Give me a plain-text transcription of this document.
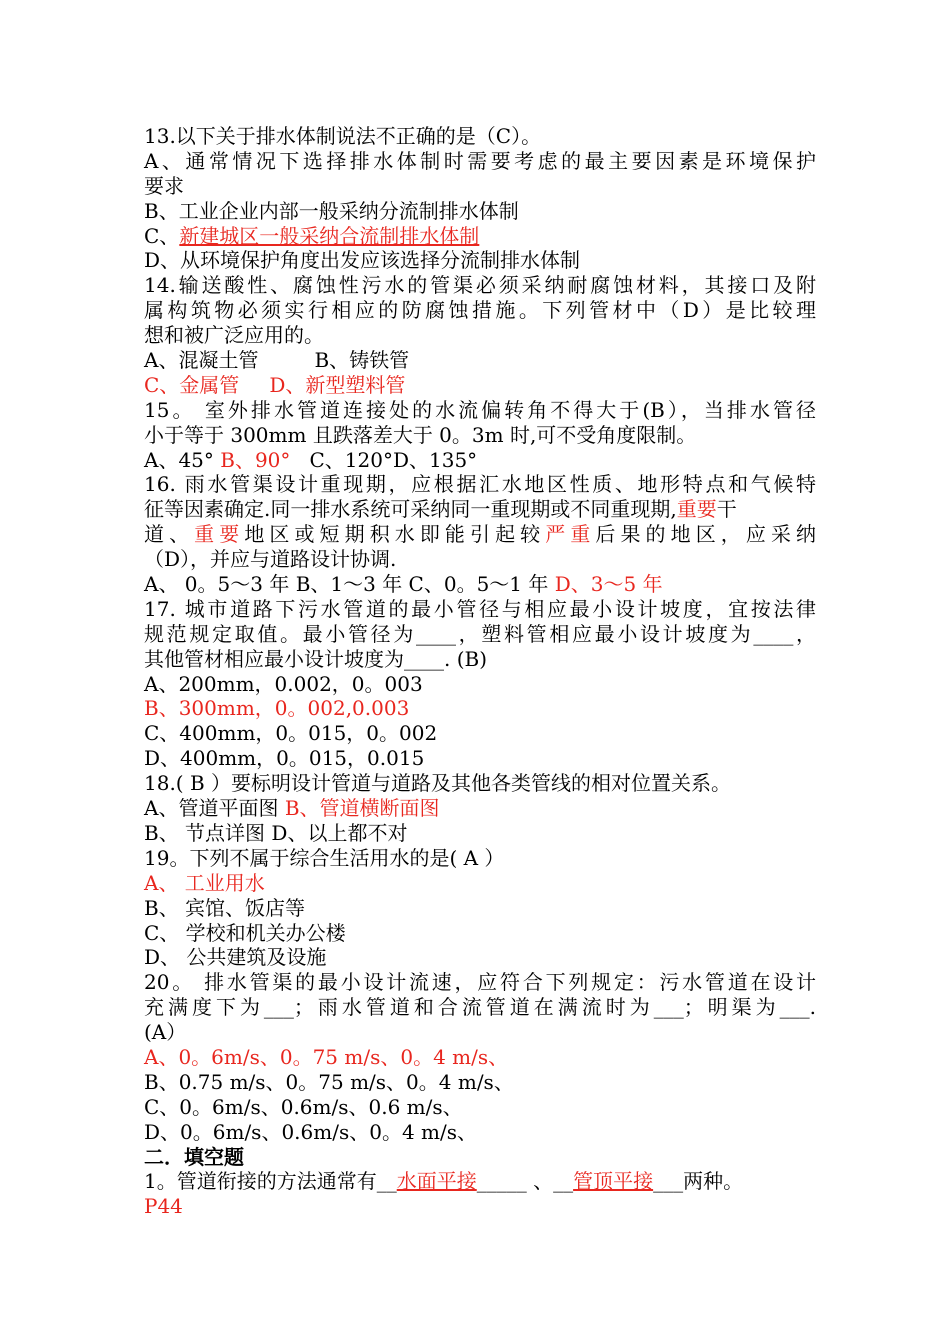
13.以下关于排水体制说法不正确的是（C）。
A、通常情况下选择排水体制时需要考虑的最主要因素是环境保护
要求
B、工业企业内部一般采纳分流制排水体制
C、新建城区一般采纳合流制排水体制
D、从环境保护角度出发应该选择分流制排水体制
14.输送酸性、腐蚀性污水的管渠必须采纳耐腐蚀材料，其接口及附
属构筑物必须实行相应的防腐蚀措施。下列管材中（D）是比较理
想和被广泛应用的。
A、混凝土管	B、铸铁管
C、金属管 D、新型塑料管
15。 室外排水管道连接处的水流偏转角不得大于(B），当排水管径
小于等于 300mm 且跌落差大于 0。3m 时,可不受角度限制。
A、45° B、90° C、120°D、135°
16. 雨水管渠设计重现期，应根据汇水地区性质、地形特点和气候特
征等因素确定.同一排水系统可采纳同一重现期或不同重现期,重要干
道、重要地区或短期积水即能引起较严重后果的地区，应采纳
（D），并应与道路设计协调.
A、 0。5～3 年 B、1～3 年 C、0。5～1 年 D、3～5 年
17. 城市道路下污水管道的最小管径与相应最小设计坡度，宜按法律
规范规定取值。最小管径为____，塑料管相应最小设计坡度为____，
其他管材相应最小设计坡度为____. (B)
A、200mm，0.002，0。003
B、300mm，0。002,0.003
C、400mm，0。015，0。002
D、400mm，0。015，0.015
18.( B ）要标明设计管道与道路及其他各类管线的相对位置关系。
A、管道平面图 B、管道横断面图
B、 节点详图 D、以上都不对
19。下列不属于综合生活用水的是( A ）
A、 工业用水
B、 宾馆、饭店等
C、 学校和机关办公楼
D、 公共建筑及设施
20。 排水管渠的最小设计流速，应符合下列规定：污水管道在设计
充满度下为___；雨水管道和合流管道在满流时为___；明渠为___.
(A）
A、0。6m/s、0。75 m/s、0。4 m/s、
B、0.75 m/s、0。75 m/s、0。4 m/s、
C、0。6m/s、0.6m/s、0.6 m/s、
D、0。6m/s、0.6m/s、0。4 m/s、
二．填空题
1。管道衔接的方法通常有__水面平接_____ 、__管顶平接___两种。
P44
